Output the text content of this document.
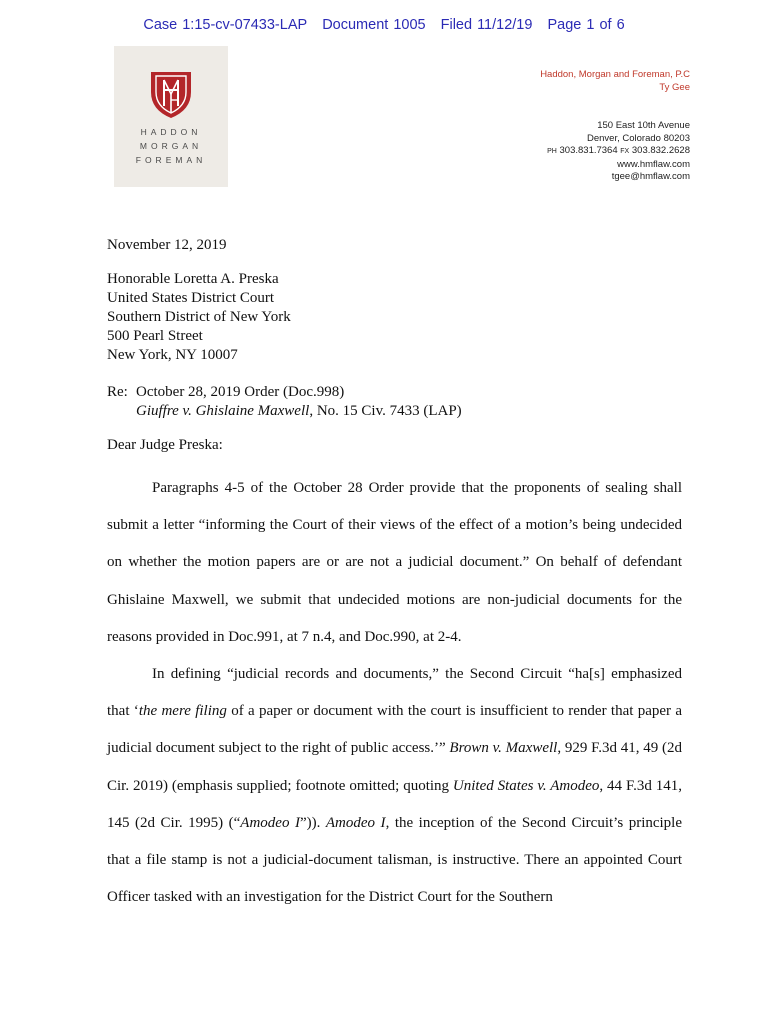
Case 1:15-cv-07433-LAP Document 1005 Filed 11/12/19 Page 1 of 6
HADDON
MORGAN
FOREMAN
Haddon, Morgan and Foreman, P.C
Ty Gee
150 East 10th Avenue
Denver, Colorado 80203
PH 303.831.7364 FX 303.832.2628
www.hmflaw.com
tgee@hmflaw.com
November 12, 2019
Honorable Loretta A. Preska
United States District Court
Southern District of New York
500 Pearl Street
New York, NY 10007
Re: October 28, 2019 Order (Doc.998)
Giuffre v. Ghislaine Maxwell, No. 15 Civ. 7433 (LAP)
Dear Judge Preska:

Paragraphs 4-5 of the October 28 Order provide that the proponents of sealing shall submit a letter “informing the Court of their views of the effect of a motion’s being undecided on whether the motion papers are or are not a judicial document.” On behalf of defendant Ghislaine Maxwell, we submit that undecided motions are non-judicial documents for the reasons provided in Doc.991, at 7 n.4, and Doc.990, at 2-4.

In defining “judicial records and documents,” the Second Circuit “ha[s] emphasized that ‘the mere filing of a paper or document with the court is insufficient to render that paper a judicial document subject to the right of public access.’” Brown v. Maxwell, 929 F.3d 41, 49 (2d Cir. 2019) (emphasis supplied; footnote omitted; quoting United States v. Amodeo, 44 F.3d 141, 145 (2d Cir. 1995) (“Amodeo I”)). Amodeo I, the inception of the Second Circuit’s principle that a file stamp is not a judicial-document talisman, is instructive. There an appointed Court Officer tasked with an investigation for the District Court for the Southern
